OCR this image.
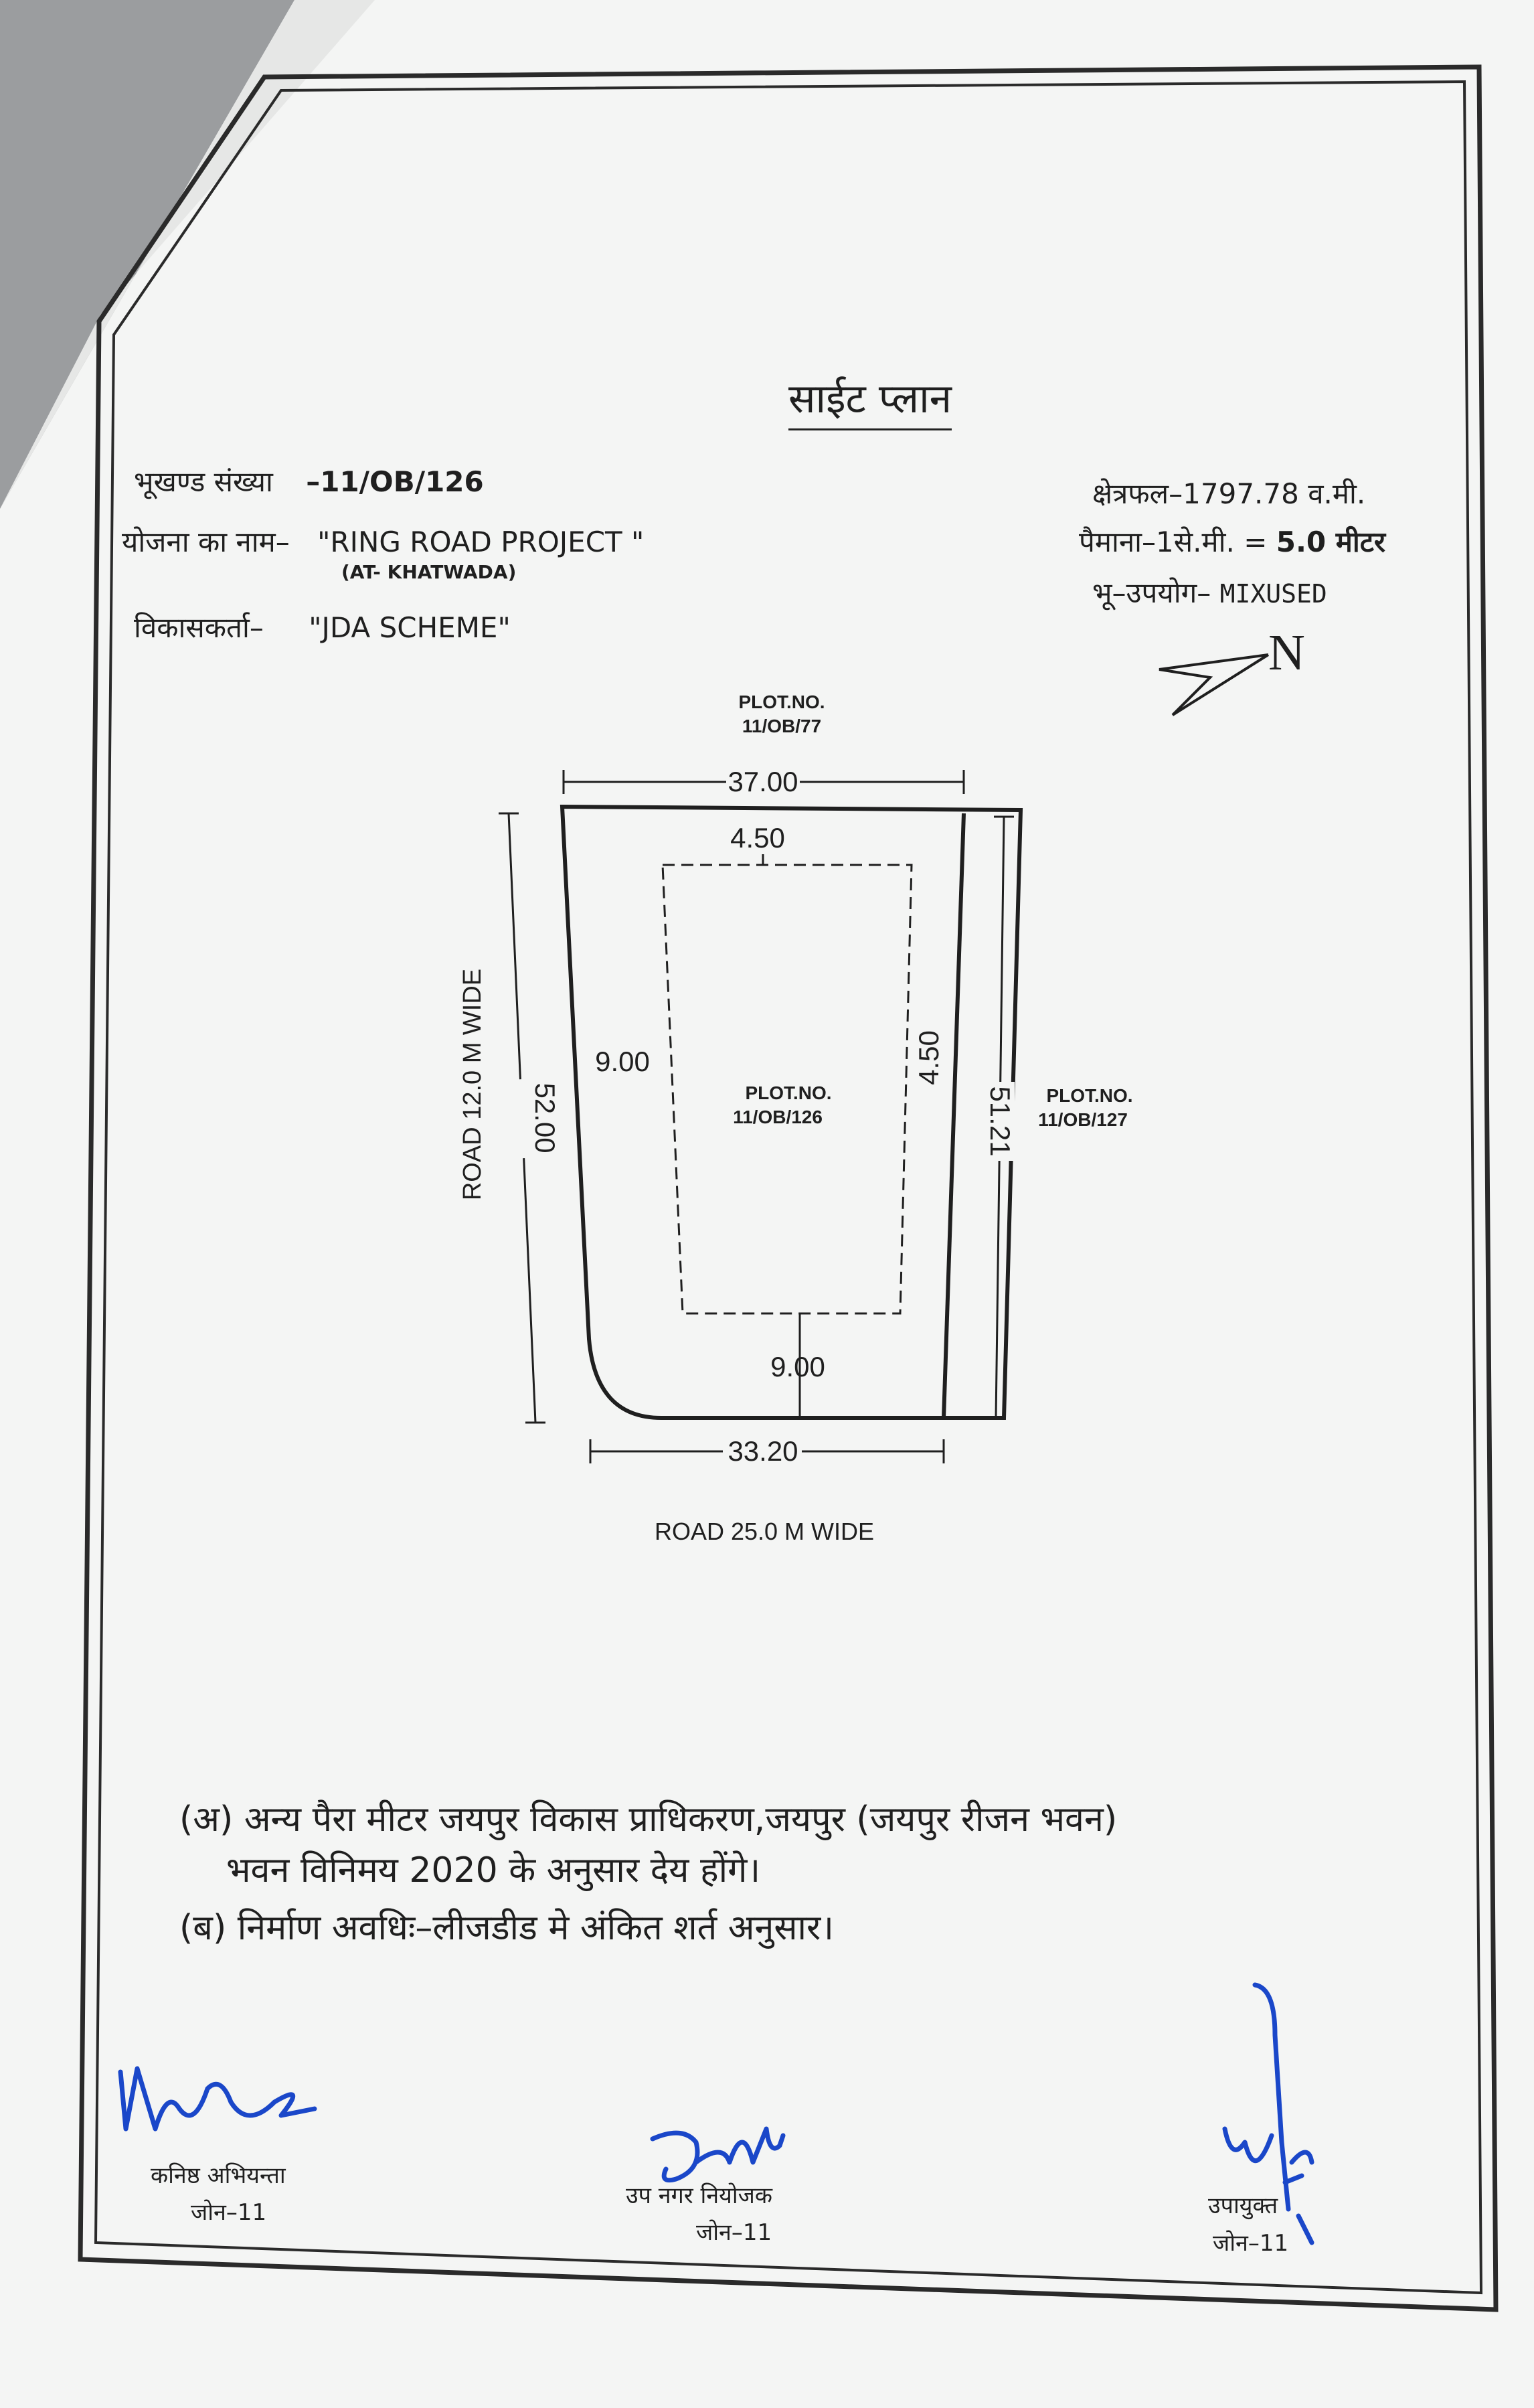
साईट प्लान
भूखण्ड संख्या –11/OB/126
योजना का नाम– "RING ROAD PROJECT "
(AT- KHATWADA)
विकासकर्ता– "JDA SCHEME"
क्षेत्रफल–1797.78 व.मी.
पैमाना–1से.मी. = 5.0 मीटर
भू–उपयोग– MIXUSED
N
PLOT.NO.
11/OB/77
37.00
4.50
9.00
PLOT.NO.
11/OB/126
4.50
9.00
33.20
52.00	51.21
ROAD 12.0 M WIDE	PLOT.NO.
11/OB/127
ROAD 25.0 M WIDE
(अ) अन्य पैरा मीटर जयपुर विकास प्राधिकरण,जयपुर (जयपुर रीजन भवन)
भवन विनिमय 2020 के अनुसार देय होंगे।
(ब) निर्माण अवधिः–लीजडीड मे अंकित शर्त अनुसार।
कनिष्ठ अभियन्ता
जोन–11
उप नगर नियोजक
जोन–11
उपायुक्त
जोन–11
